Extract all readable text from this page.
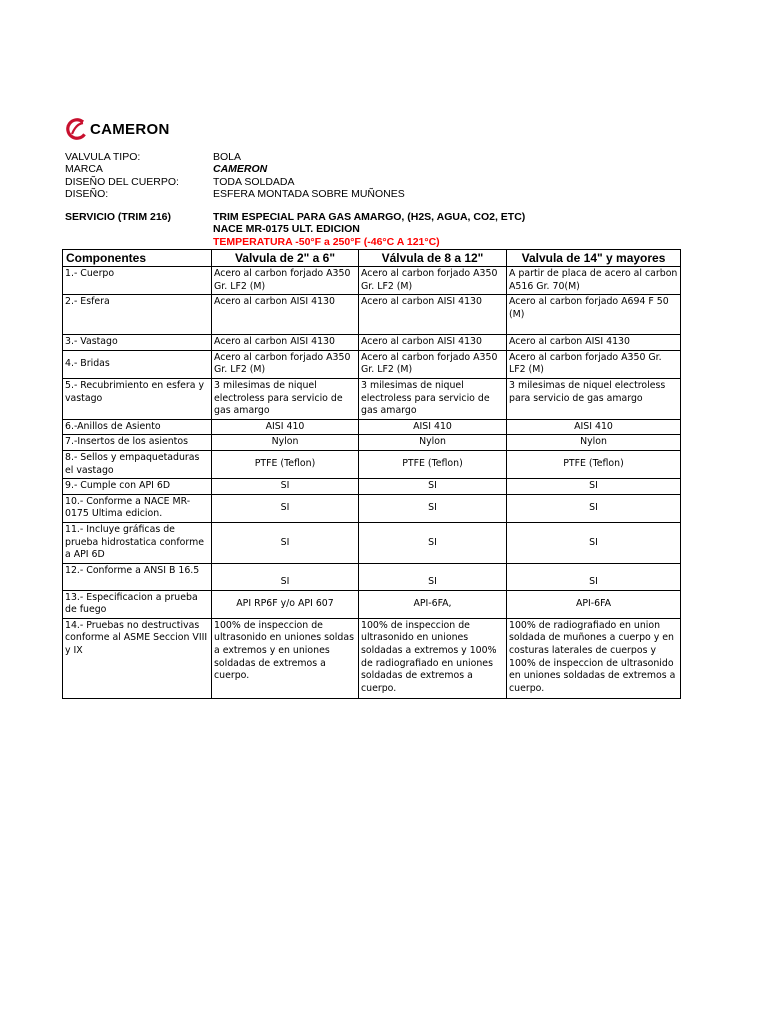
CAMERON
VALVULA TIPO:	BOLA
MARCA	CAMERON
DISEÑO DEL CUERPO:	TODA SOLDADA
DISEÑO:	ESFERA MONTADA SOBRE MUÑONES
SERVICIO (TRIM 216)	TRIM ESPECIAL PARA GAS AMARGO, (H2S, AGUA, CO2, ETC)
NACE MR-0175 ULT. EDICION
TEMPERATURA -50°F a 250°F (-46°C A 121°C)
Componentes	Valvula de 2" a 6"	Válvula de 8 a 12"	Valvula de 14" y mayores
1.- Cuerpo	Acero al carbon forjado A350 Gr. LF2 (M)	Acero al carbon forjado A350 Gr. LF2 (M)	A partir de placa de acero al carbon A516 Gr. 70(M)
2.- Esfera	Acero al carbon AISI 4130	Acero al carbon AISI 4130	Acero al carbon forjado A694 F 50 (M)
3.- Vastago	Acero al carbon AISI 4130	Acero al carbon AISI 4130	Acero al carbon AISI 4130
4.- Bridas	Acero al carbon forjado A350 Gr. LF2 (M)	Acero al carbon forjado A350 Gr. LF2 (M)	Acero al carbon forjado A350 Gr. LF2 (M)
5.- Recubrimiento en esfera y vastago	3 milesimas de niquel electroless para servicio de gas amargo	3 milesimas de niquel electroless para servicio de gas amargo	3 milesimas de niquel electroless para servicio de gas amargo
6.-Anillos de Asiento	AISI 410	AISI 410	AISI 410
7.-Insertos de los asientos	Nylon	Nylon	Nylon
8.- Sellos y empaquetaduras el vastago	PTFE (Teflon)	PTFE (Teflon)	PTFE (Teflon)
9.- Cumple con API 6D	SI	SI	SI
10.- Conforme a NACE MR-0175 Ultima edicion.	SI	SI	SI
11.- Incluye gráficas de prueba hidrostatica conforme a API 6D	SI	SI	SI
12.- Conforme a ANSI B 16.5	SI	SI	SI
13.- Especificacion a prueba de fuego	API RP6F y/o API 607	API-6FA,	API-6FA
14.- Pruebas no destructivas conforme al ASME Seccion VIII y IX	100% de inspeccion de ultrasonido en uniones soldas a extremos y en uniones soldadas de extremos a cuerpo.	100% de inspeccion de ultrasonido en uniones soldadas a extremos y 100% de radiografiado en uniones soldadas de extremos a cuerpo.	100% de radiografiado en union soldada de muñones a cuerpo y en costuras laterales de cuerpos y 100% de inspeccion de ultrasonido en uniones soldadas de extremos a cuerpo.
